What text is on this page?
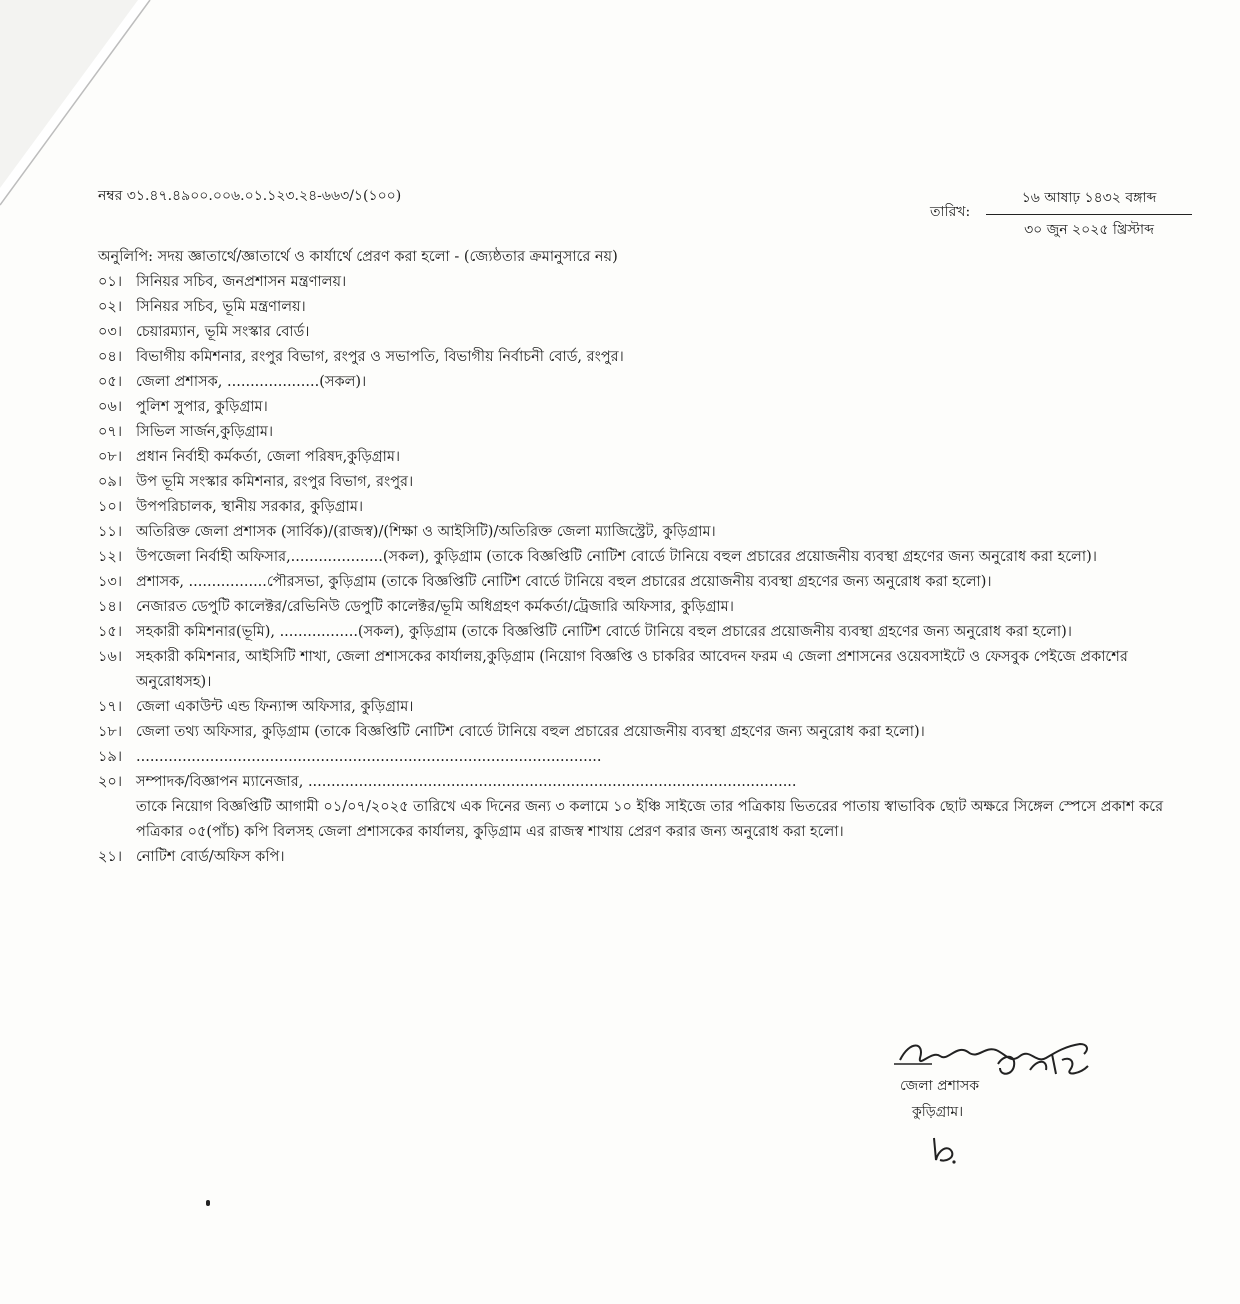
নম্বর ৩১.৪৭.৪৯০০.০০৬.০১.১২৩.২৪-৬৬৩/১(১০০)
তারিখ:
১৬ আষাঢ় ১৪৩২ বঙ্গাব্দ
৩০ জুন ২০২৫ খ্রিস্টাব্দ
অনুলিপি: সদয় জ্ঞাতার্থে/জ্ঞাতার্থে ও কার্যার্থে প্রেরণ করা হলো - (জ্যেষ্ঠতার ক্রমানুসারে নয়)
০১। সিনিয়র সচিব, জনপ্রশাসন মন্ত্রণালয়।
০২। সিনিয়র সচিব, ভূমি মন্ত্রণালয়।
০৩। চেয়ারম্যান, ভূমি সংস্কার বোর্ড।
০৪। বিভাগীয় কমিশনার, রংপুর বিভাগ, রংপুর ও সভাপতি, বিভাগীয় নির্বাচনী বোর্ড, রংপুর।
০৫। জেলা প্রশাসক, ....................(সকল)।
০৬। পুলিশ সুপার, কুড়িগ্রাম।
০৭। সিভিল সার্জন,কুড়িগ্রাম।
০৮। প্রধান নির্বাহী কর্মকর্তা, জেলা পরিষদ,কুড়িগ্রাম।
০৯। উপ ভূমি সংস্কার কমিশনার, রংপুর বিভাগ, রংপুর।
১০। উপপরিচালক, স্থানীয় সরকার, কুড়িগ্রাম।
১১। অতিরিক্ত জেলা প্রশাসক (সার্বিক)/(রাজস্ব)/(শিক্ষা ও আইসিটি)/অতিরিক্ত জেলা ম্যাজিস্ট্রেট, কুড়িগ্রাম।
১২। উপজেলা নির্বাহী অফিসার,....................(সকল), কুড়িগ্রাম (তাকে বিজ্ঞপ্তিটি নোটিশ বোর্ডে টানিয়ে বহুল প্রচারের প্রয়োজনীয় ব্যবস্থা গ্রহণের জন্য অনুরোধ করা হলো)।
১৩। প্রশাসক, .................পৌরসভা, কুড়িগ্রাম (তাকে বিজ্ঞপ্তিটি নোটিশ বোর্ডে টানিয়ে বহুল প্রচারের প্রয়োজনীয় ব্যবস্থা গ্রহণের জন্য অনুরোধ করা হলো)।
১৪। নেজারত ডেপুটি কালেক্টর/রেভিনিউ ডেপুটি কালেক্টর/ভূমি অধিগ্রহণ কর্মকর্তা/ট্রেজারি অফিসার, কুড়িগ্রাম।
১৫। সহকারী কমিশনার(ভূমি), .................(সকল), কুড়িগ্রাম (তাকে বিজ্ঞপ্তিটি নোটিশ বোর্ডে টানিয়ে বহুল প্রচারের প্রয়োজনীয় ব্যবস্থা গ্রহণের জন্য অনুরোধ করা হলো)।
১৬। সহকারী কমিশনার, আইসিটি শাখা, জেলা প্রশাসকের কার্যালয়,কুড়িগ্রাম (নিয়োগ বিজ্ঞপ্তি ও চাকরির আবেদন ফরম এ জেলা প্রশাসনের ওয়েবসাইটে ও ফেসবুক পেইজে প্রকাশের অনুরোধসহ)।
১৭। জেলা একাউন্ট এন্ড ফিন্যান্স অফিসার, কুড়িগ্রাম।
১৮। জেলা তথ্য অফিসার, কুড়িগ্রাম (তাকে বিজ্ঞপ্তিটি নোটিশ বোর্ডে টানিয়ে বহুল প্রচারের প্রয়োজনীয় ব্যবস্থা গ্রহণের জন্য অনুরোধ করা হলো)।
১৯। .....................................................................................................
২০। সম্পাদক/বিজ্ঞাপন ম্যানেজার, ..........................................................................................................
তাকে নিয়োগ বিজ্ঞপ্তিটি আগামী ০১/০৭/২০২৫ তারিখে এক দিনের জন্য ৩ কলামে ১০ ইঞ্চি সাইজে তার পত্রিকায় ভিতরের পাতায় স্বাভাবিক ছোট অক্ষরে সিঙ্গেল স্পেসে প্রকাশ করে পত্রিকার ০৫(পাঁচ) কপি বিলসহ জেলা প্রশাসকের কার্যালয়, কুড়িগ্রাম এর রাজস্ব শাখায় প্রেরণ করার জন্য অনুরোধ করা হলো।
২১। নোটিশ বোর্ড/অফিস কপি।
জেলা প্রশাসক
কুড়িগ্রাম।
